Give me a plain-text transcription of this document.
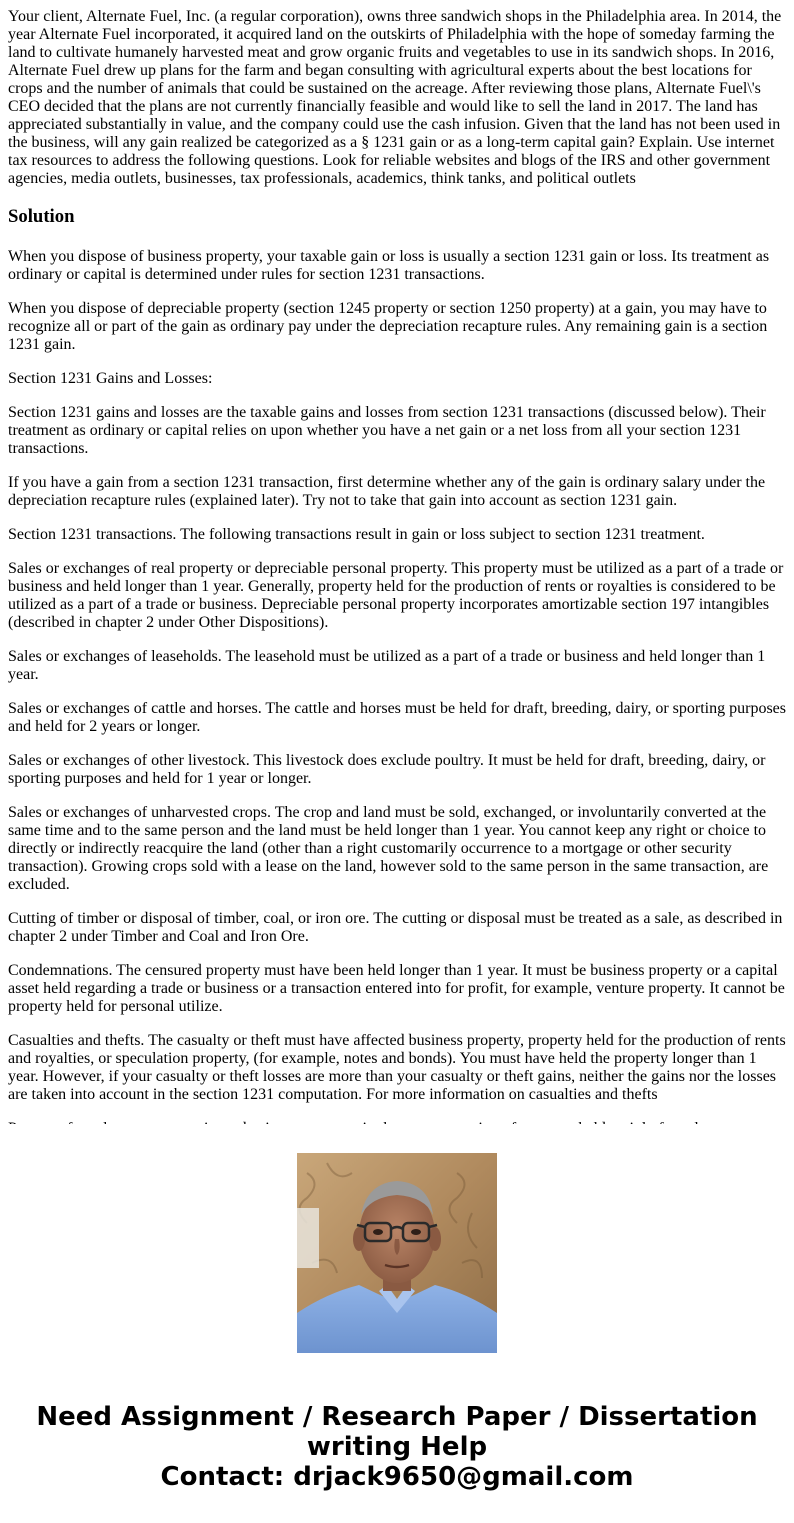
Your client, Alternate Fuel, Inc. (a regular corporation), owns three sandwich shops in the Philadelphia area. In 2014, the year Alternate Fuel incorporated, it acquired land on the outskirts of Philadelphia with the hope of someday farming the land to cultivate humanely harvested meat and grow organic fruits and vegetables to use in its sandwich shops. In 2016, Alternate Fuel drew up plans for the farm and began consulting with agricultural experts about the best locations for crops and the number of animals that could be sustained on the acreage. After reviewing those plans, Alternate Fuel\'s CEO decided that the plans are not currently financially feasible and would like to sell the land in 2017. The land has appreciated substantially in value, and the company could use the cash infusion. Given that the land has not been used in the business, will any gain realized be categorized as a § 1231 gain or as a long-term capital gain? Explain. Use internet tax resources to address the following questions. Look for reliable websites and blogs of the IRS and other government agencies, media outlets, businesses, tax professionals, academics, think tanks, and political outlets

Solution

When you dispose of business property, your taxable gain or loss is usually a section 1231 gain or loss. Its treatment as ordinary or capital is determined under rules for section 1231 transactions.

When you dispose of depreciable property (section 1245 property or section 1250 property) at a gain, you may have to recognize all or part of the gain as ordinary pay under the depreciation recapture rules. Any remaining gain is a section 1231 gain.

Section 1231 Gains and Losses:

Section 1231 gains and losses are the taxable gains and losses from section 1231 transactions (discussed below). Their treatment as ordinary or capital relies on upon whether you have a net gain or a net loss from all your section 1231 transactions.

If you have a gain from a section 1231 transaction, first determine whether any of the gain is ordinary salary under the depreciation recapture rules (explained later). Try not to take that gain into account as section 1231 gain.

Section 1231 transactions. The following transactions result in gain or loss subject to section 1231 treatment.

Sales or exchanges of real property or depreciable personal property. This property must be utilized as a part of a trade or business and held longer than 1 year. Generally, property held for the production of rents or royalties is considered to be utilized as a part of a trade or business. Depreciable personal property incorporates amortizable section 197 intangibles (described in chapter 2 under Other Dispositions).

Sales or exchanges of leaseholds. The leasehold must be utilized as a part of a trade or business and held longer than 1 year.

Sales or exchanges of cattle and horses. The cattle and horses must be held for draft, breeding, dairy, or sporting purposes and held for 2 years or longer.

Sales or exchanges of other livestock. This livestock does exclude poultry. It must be held for draft, breeding, dairy, or sporting purposes and held for 1 year or longer.

Sales or exchanges of unharvested crops. The crop and land must be sold, exchanged, or involuntarily converted at the same time and to the same person and the land must be held longer than 1 year. You cannot keep any right or choice to directly or indirectly reacquire the land (other than a right customarily occurrence to a mortgage or other security transaction). Growing crops sold with a lease on the land, however sold to the same person in the same transaction, are excluded.

Cutting of timber or disposal of timber, coal, or iron ore. The cutting or disposal must be treated as a sale, as described in chapter 2 under Timber and Coal and Iron Ore.

Condemnations. The censured property must have been held longer than 1 year. It must be business property or a capital asset held regarding a trade or business or a transaction entered into for profit, for example, venture property. It cannot be property held for personal utilize.

Casualties and thefts. The casualty or theft must have affected business property, property held for the production of rents and royalties, or speculation property, (for example, notes and bonds). You must have held the property longer than 1 year. However, if your casualty or theft losses are more than your casualty or theft gains, neither the gains nor the losses are taken into account in the section 1231 computation. For more information on casualties and thefts

Need Assignment / Research Paper / Dissertation
writing Help
Contact: drjack9650@gmail.com
